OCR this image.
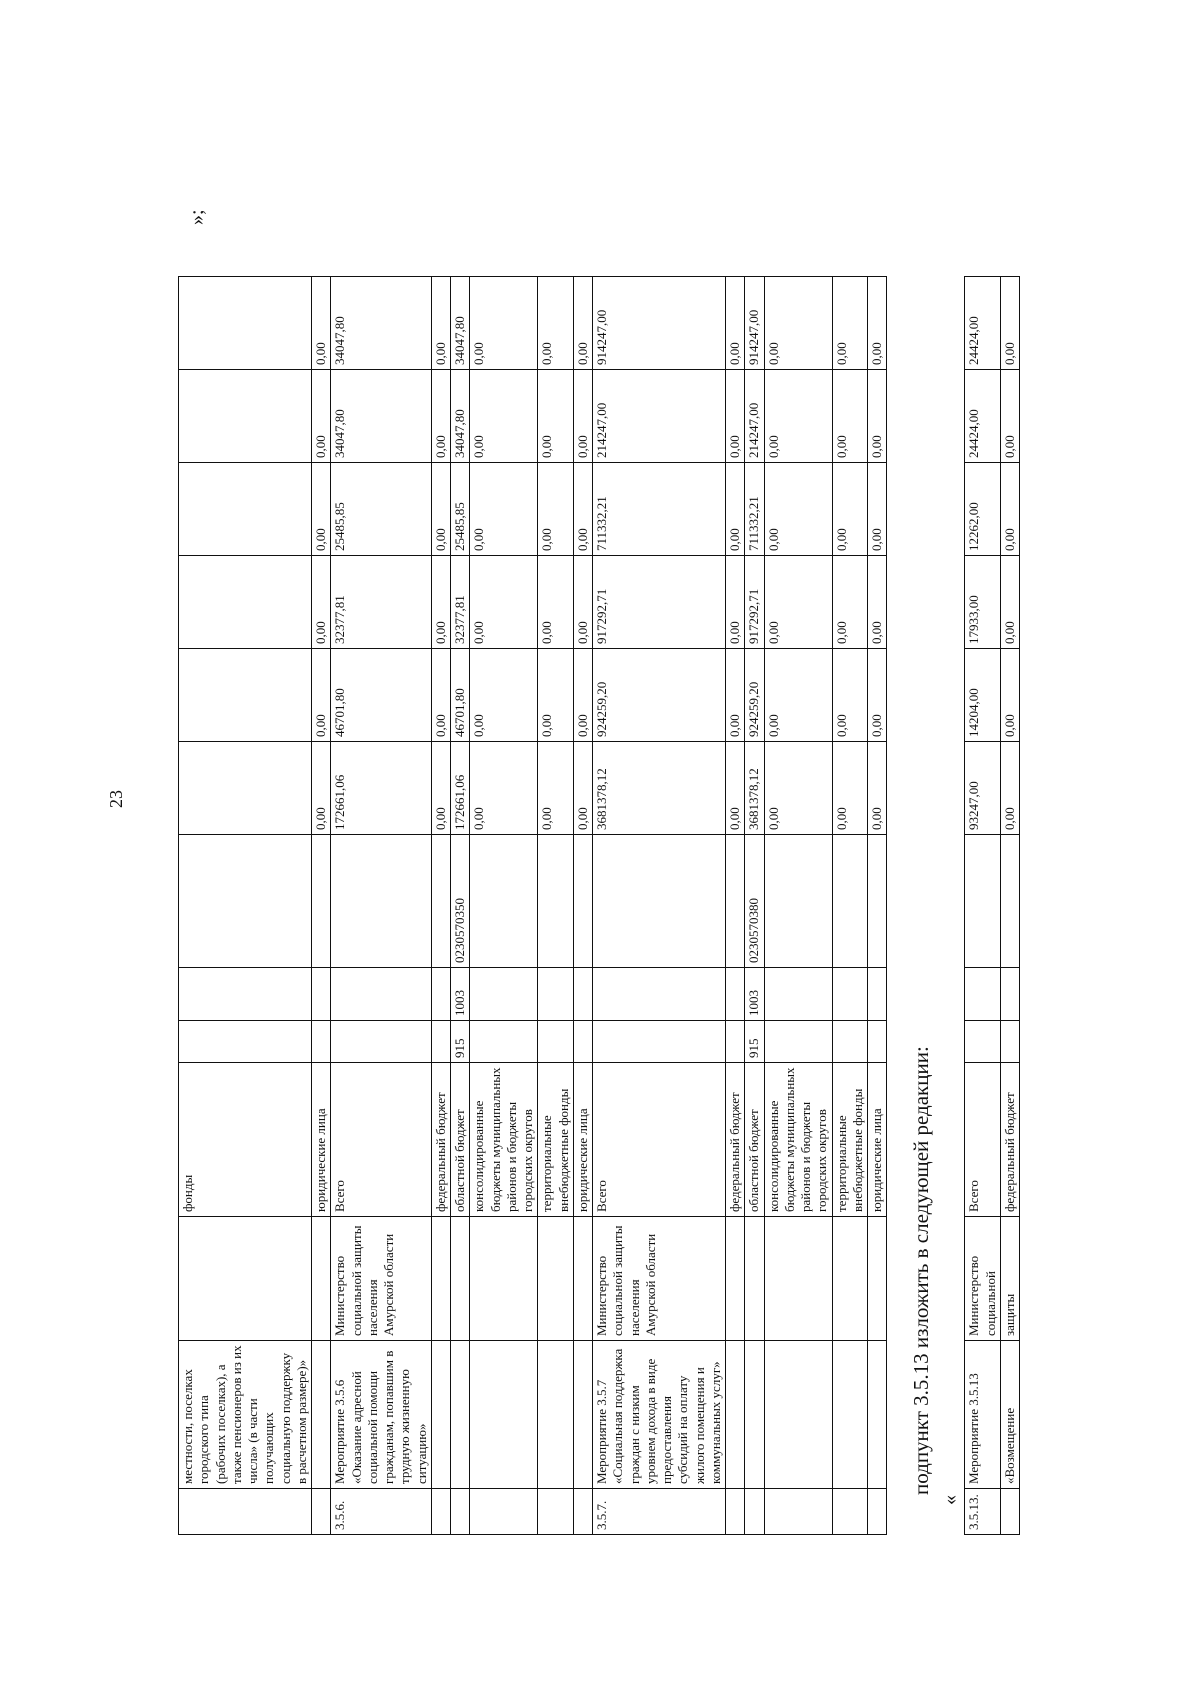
23
	местности, поселках городского типа (рабочих поселках), а также пенсионеров из их числа» (в части получающих социальную поддержку в расчетном размере)»		фонды									
			юридические лица				0,00	0,00	0,00	0,00	0,00	0,00
3.5.6.	Мероприятие 3.5.6 «Оказание адресной социальной помощи гражданам, попавшим в трудную жизненную ситуацию»	Министерство социальной защиты населения Амурской области	Всего				172661,06	46701,80	32377,81	25485,85	34047,80	34047,80
			федеральный бюджет				0,00	0,00	0,00	0,00	0,00	0,00
			областной бюджет	915	1003	0230570350	172661,06	46701,80	32377,81	25485,85	34047,80	34047,80
			консолидированные бюджеты муниципальных районов и бюджеты городских округов				0,00	0,00	0,00	0,00	0,00	0,00
			территориальные внебюджетные фонды				0,00	0,00	0,00	0,00	0,00	0,00
			юридические лица				0,00	0,00	0,00	0,00	0,00	0,00
3.5.7.	Мероприятие 3.5.7 «Социальная поддержка граждан с низким уровнем дохода в виде предоставления субсидий на оплату жилого помещения и коммунальных услуг»	Министерство социальной защиты населения Амурской области	Всего				3681378,12	924259,20	917292,71	711332,21	214247,00	914247,00
			федеральный бюджет				0,00	0,00	0,00	0,00	0,00	0,00
			областной бюджет	915	1003	0230570380	3681378,12	924259,20	917292,71	711332,21	214247,00	914247,00
			консолидированные бюджеты муниципальных районов и бюджеты городских округов				0,00	0,00	0,00	0,00	0,00	0,00
			территориальные внебюджетные фонды				0,00	0,00	0,00	0,00	0,00	0,00
			юридические лица				0,00	0,00	0,00	0,00	0,00	0,00
»;
подпункт 3.5.13 изложить в следующей редакции:
« 3.5.13.	Мероприятие 3.5.13	Министерство социальной	Всего				93247,00	14204,00	17933,00	12262,00	24424,00	24424,00
	«Возмещение	защиты	федеральный бюджет				0,00	0,00	0,00	0,00	0,00	0,00
